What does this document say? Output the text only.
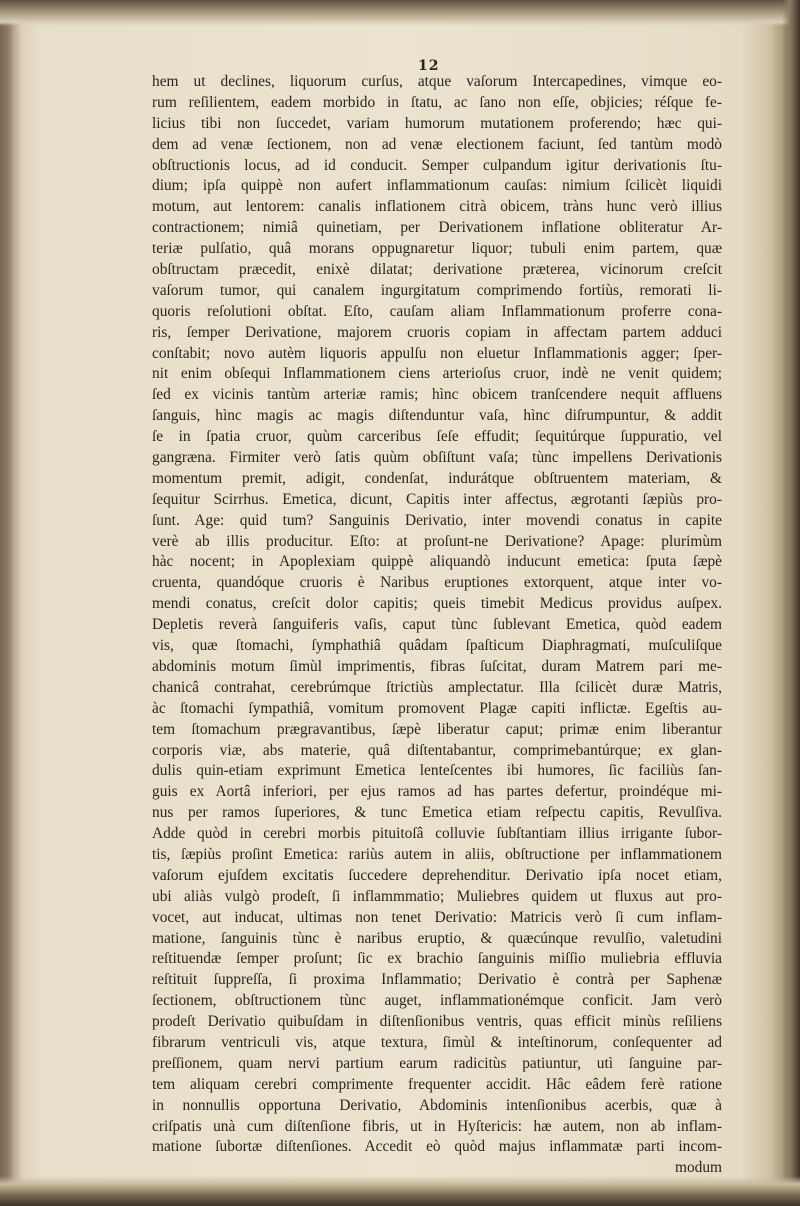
12
hem ut declines, liquorum curſus, atque vaſorum Intercapedines, vimque eo-
rum reſilientem, eadem morbido in ſtatu, ac ſano non eſſe, objicies; réſque fe-
licius tibi non ſuccedet, variam humorum mutationem proferendo; hæc qui-
dem ad venæ ſectionem, non ad venæ electionem faciunt, ſed tantùm modò
obſtructionis locus, ad id conducit. Semper culpandum igitur derivationis ſtu-
dium; ipſa quippè non aufert inflammationum cauſas: nimium ſcilicèt liquidi
motum, aut lentorem: canalis inflationem citrà obicem, tràns hunc verò illius
contractionem; nimiâ quinetiam, per Derivationem inflatione obliteratur Ar-
teriæ pulſatio, quâ morans oppugnaretur liquor; tubuli enim partem, quæ
obſtructam præcedit, enixè dilatat; derivatione præterea, vicinorum creſcit
vaſorum tumor, qui canalem ingurgitatum comprimendo fortiùs, remorati li-
quoris reſolutioni obſtat. Eſto, cauſam aliam Inflammationum proferre cona-
ris, ſemper Derivatione, majorem cruoris copiam in affectam partem adduci
conſtabit; novo autèm liquoris appulſu non eluetur Inflammationis agger; ſper-
nit enim obſequi Inflammationem ciens arterioſus cruor, indè ne venit quidem;
ſed ex vicinis tantùm arteriæ ramis; hìnc obicem tranſcendere nequit affluens
ſanguis, hìnc magis ac magis diſtenduntur vaſa, hìnc diſrumpuntur, & addit
ſe in ſpatia cruor, quùm carceribus ſeſe effudit; ſequitúrque ſuppuratio, vel
gangræna. Firmiter verò ſatis quùm obſiſtunt vaſa; tùnc impellens Derivationis
momentum premit, adigit, condenſat, indurátque obſtruentem materiam, &
ſequitur Scirrhus. Emetica, dicunt, Capitis inter affectus, ægrotanti ſæpiùs pro-
ſunt. Age: quid tum? Sanguinis Derivatio, inter movendi conatus in capite
verè ab illis producitur. Eſto: at proſunt-ne Derivatione? Apage: plurimùm
hàc nocent; in Apoplexiam quippè aliquandò inducunt emetica: ſputa ſæpè
cruenta, quandóque cruoris è Naribus eruptiones extorquent, atque inter vo-
mendi conatus, creſcit dolor capitis; queis timebit Medicus providus auſpex.
Depletis reverà ſanguiferis vaſis, caput tùnc ſublevant Emetica, quòd eadem
vis, quæ ſtomachi, ſymphathiâ quâdam ſpaſticum Diaphragmati, muſculiſque
abdominis motum ſimùl imprimentis, fibras ſuſcitat, duram Matrem pari me-
chanicâ contrahat, cerebrúmque ſtrictiùs amplectatur. Illa ſcilicèt duræ Matris,
àc ſtomachi ſympathiâ, vomitum promovent Plagæ capiti inflictæ. Egeſtis au-
tem ſtomachum prægravantibus, ſæpè liberatur caput; primæ enim liberantur
corporis viæ, abs materie, quâ diſtentabantur, comprimebantúrque; ex glan-
dulis quin-etiam exprimunt Emetica lenteſcentes ibi humores, ſic faciliùs ſan-
guis ex Aortâ inferiori, per ejus ramos ad has partes defertur, proindéque mi-
nus per ramos ſuperiores, & tunc Emetica etiam reſpectu capitis, Revulſiva.
Adde quòd in cerebri morbis pituitoſâ colluvie ſubſtantiam illius irrigante ſubor-
tis, ſæpiùs proſint Emetica: rariùs autem in aliis, obſtructione per inflammationem
vaſorum ejuſdem excitatis ſuccedere deprehenditur. Derivatio ipſa nocet etiam,
ubi aliàs vulgò prodeſt, ſi inflammmatio; Muliebres quidem ut fluxus aut pro-
vocet, aut inducat, ultimas non tenet Derivatio: Matricis verò ſi cum inflam-
matione, ſanguinis tùnc è naribus eruptio, & quæcúnque revulſio, valetudini
reſtituendæ ſemper proſunt; ſic ex brachio ſanguinis miſſio muliebria effluvia
reſtituit ſuppreſſa, ſi proxima Inflammatio; Derivatio è contrà per Saphenæ
ſectionem, obſtructionem tùnc auget, inflammationémque conficit. Jam verò
prodeſt Derivatio quibuſdam in diſtenſionibus ventris, quas efficit minùs reſiliens
fibrarum ventriculi vis, atque textura, ſimùl & inteſtinorum, conſequenter ad
preſſionem, quam nervi partium earum radicitùs patiuntur, utì ſanguine par-
tem aliquam cerebri comprimente frequenter accidit. Hâc eâdem ferè ratione
in nonnullis opportuna Derivatio, Abdominis intenſionibus acerbis, quæ à
criſpatis unà cum diſtenſione fibris, ut in Hyſtericis: hæ autem, non ab inflam-
matione ſubortæ diſtenſiones. Accedit eò quòd majus inflammatæ parti incom-
modum
